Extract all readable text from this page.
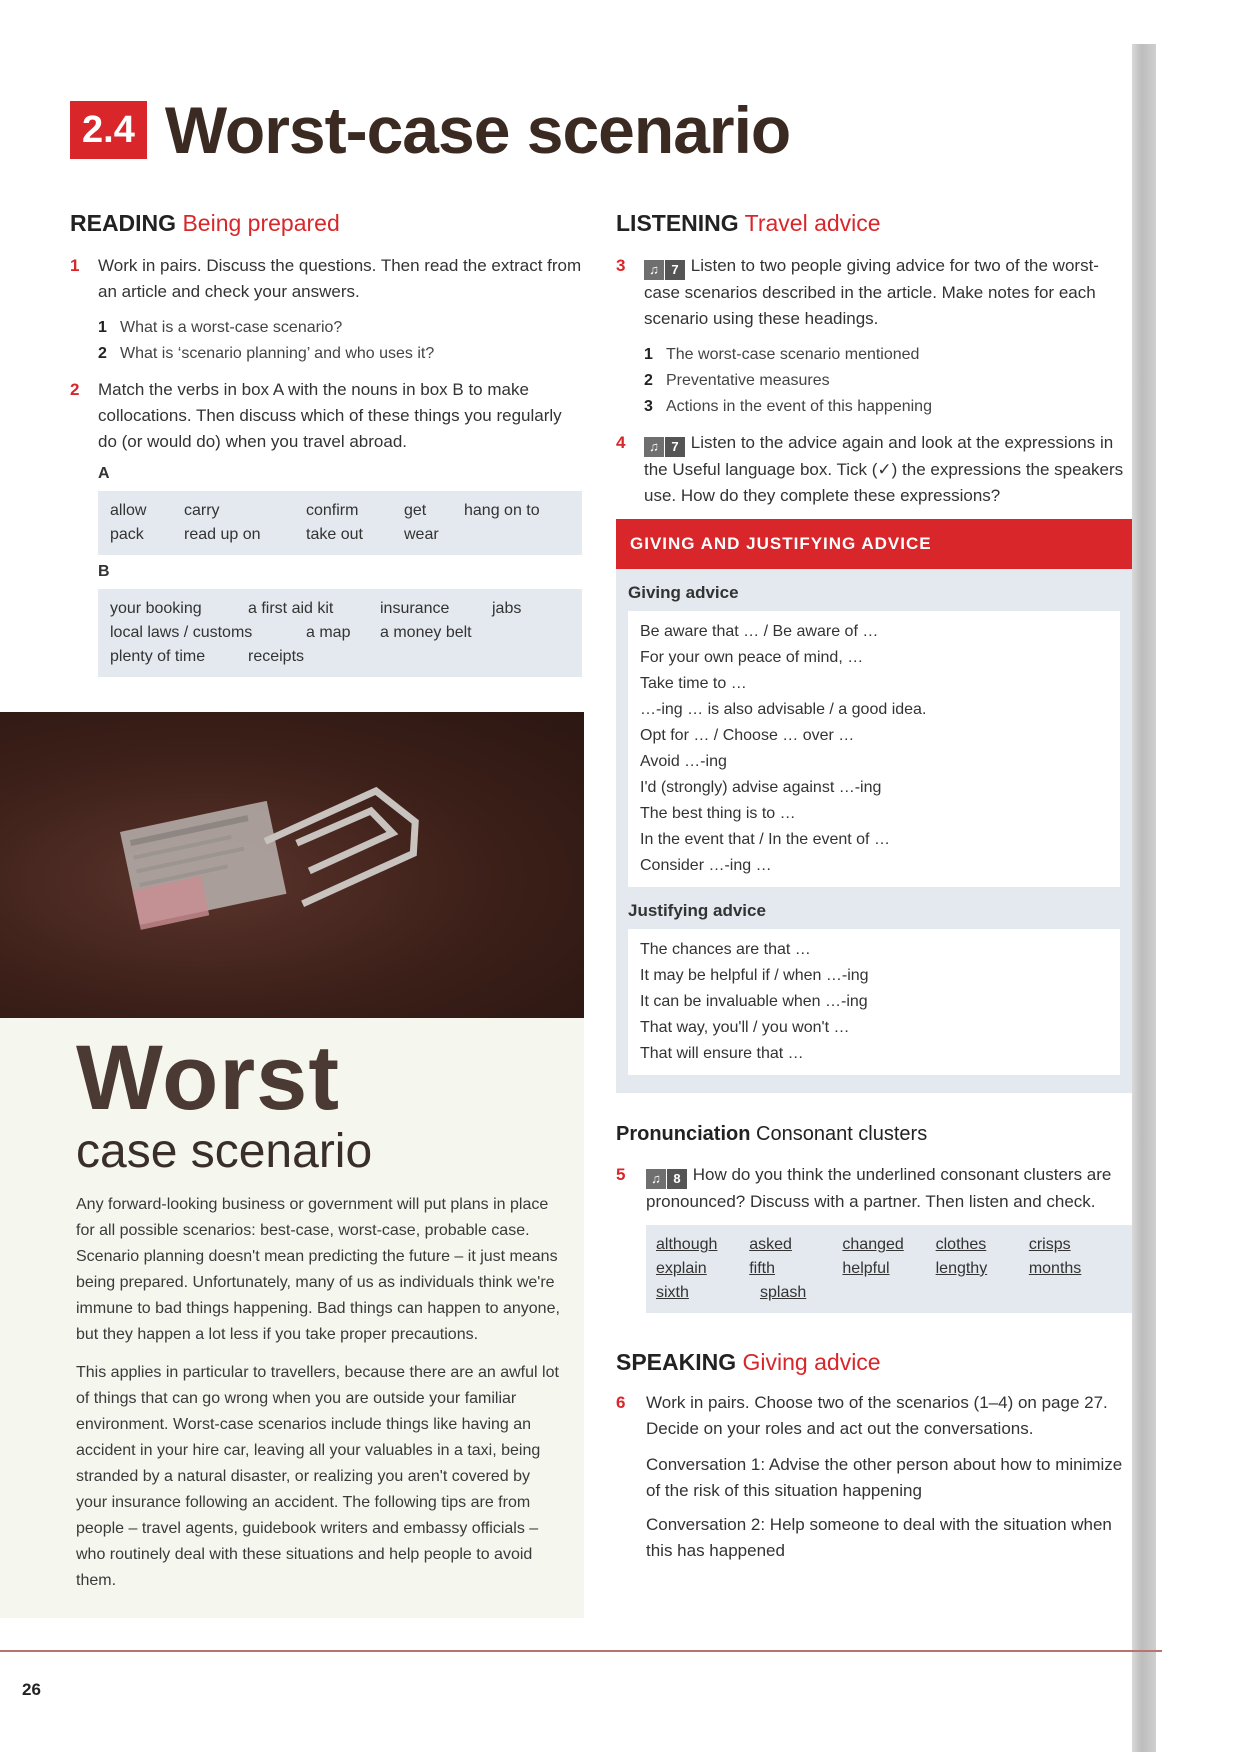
2.4 Worst-case scenario
READING Being prepared
1	Work in pairs. Discuss the questions. Then read the extract from an article and check your answers.
1 What is a worst-case scenario?
2 What is ‘scenario planning’ and who uses it?
2	Match the verbs in box A with the nouns in box B to make collocations. Then discuss which of these things you regularly do (or would do) when you travel abroad.
A
allow	carry	confirm	get	hang on to
pack	read up on	take out	wear
B
your booking	a first aid kit	insurance	jabs
local laws / customs	a map	a money belt
plenty of time	receipts
Worst
case scenario

Any forward-looking business or government will put plans in place for all possible scenarios: best-case, worst-case, probable case. Scenario planning doesn't mean predicting the future – it just means being prepared. Unfortunately, many of us as individuals think we're immune to bad things happening. Bad things can happen to anyone, but they happen a lot less if you take proper precautions.

This applies in particular to travellers, because there are an awful lot of things that can go wrong when you are outside your familiar environment. Worst-case scenarios include things like having an accident in your hire car, leaving all your valuables in a taxi, being stranded by a natural disaster, or realizing you aren't covered by your insurance following an accident. The following tips are from people – travel agents, guidebook writers and embassy officials – who routinely deal with these situations and help people to avoid them.

LISTENING Travel advice
3	♫ 7 Listen to two people giving advice for two of the worst-case scenarios described in the article. Make notes for each scenario using these headings.
1 The worst-case scenario mentioned
2 Preventative measures
3 Actions in the event of this happening
4	♫ 7 Listen to the advice again and look at the expressions in the Useful language box. Tick (✓) the expressions the speakers use. How do they complete these expressions?
GIVING AND JUSTIFYING ADVICE
Giving advice
Be aware that … / Be aware of …
For your own peace of mind, …
Take time to …
…-ing … is also advisable / a good idea.
Opt for … / Choose … over …
Avoid …-ing
I'd (strongly) advise against …-ing
The best thing is to …
In the event that / In the event of …
Consider …-ing …
Justifying advice
The chances are that …
It may be helpful if / when …-ing
It can be invaluable when …-ing
That way, you'll / you won't …
That will ensure that …
Pronunciation Consonant clusters
5	♫ 8 How do you think the underlined consonant clusters are pronounced? Discuss with a partner. Then listen and check.
although	asked	changed	clothes	crisps
explain	fifth	helpful	lengthy	months
sixth	splash
SPEAKING Giving advice
6	Work in pairs. Choose two of the scenarios (1–4) on page 27. Decide on your roles and act out the conversations.
Conversation 1: Advise the other person about how to minimize of the risk of this situation happening
Conversation 2: Help someone to deal with the situation when this has happened
26
